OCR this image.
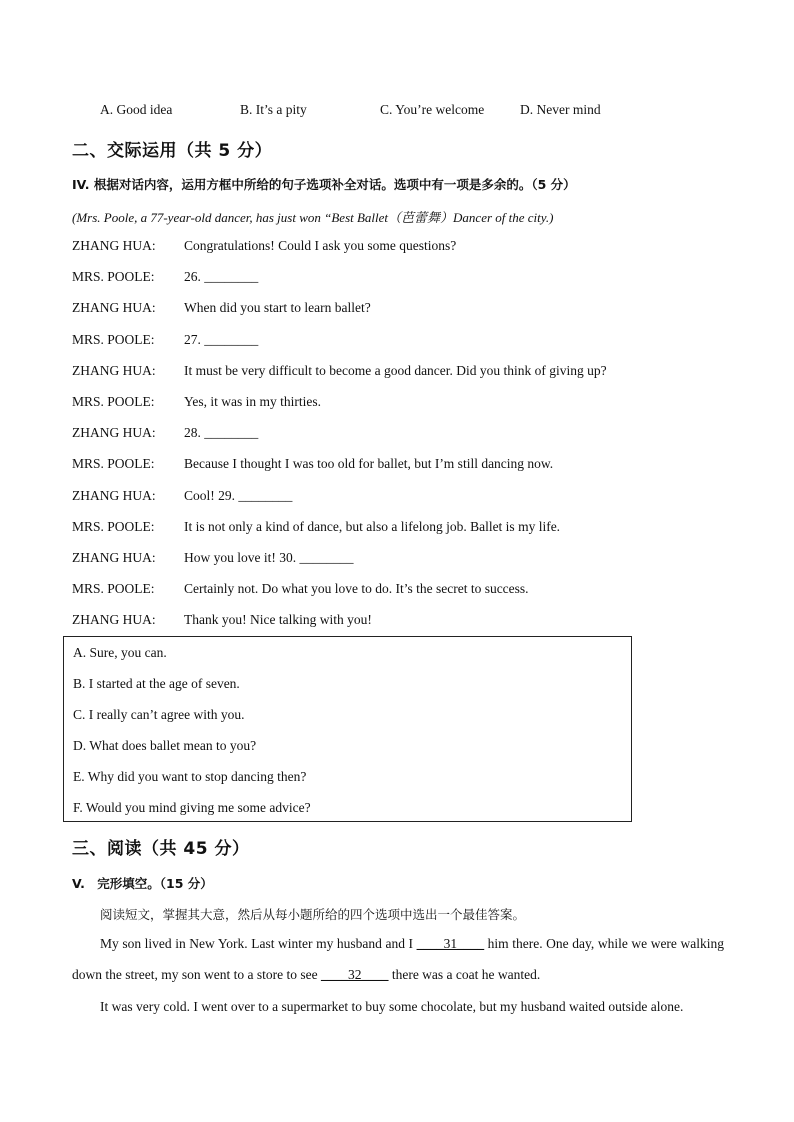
A. Good idea	B. It’s a pity	C. You’re welcome	D. Never mind
二、交际运用（共 5 分）
IV. 根据对话内容，运用方框中所给的句子选项补全对话。选项中有一项是多余的。（5 分）
(Mrs. Poole, a 77-year-old dancer, has just won “Best Ballet（芭蕾舞）Dancer of the city.)
ZHANG HUA:	Congratulations! Could I ask you some questions?
MRS. POOLE:	26. ________
ZHANG HUA:	When did you start to learn ballet?
MRS. POOLE:	27. ________
ZHANG HUA:	It must be very difficult to become a good dancer. Did you think of giving up?
MRS. POOLE:	Yes, it was in my thirties.
ZHANG HUA:	28. ________
MRS. POOLE:	Because I thought I was too old for ballet, but I’m still dancing now.
ZHANG HUA:	Cool! 29. ________
MRS. POOLE:	It is not only a kind of dance, but also a lifelong job. Ballet is my life.
ZHANG HUA:	How you love it! 30. ________
MRS. POOLE:	Certainly not. Do what you love to do. It’s the secret to success.
ZHANG HUA:	Thank you! Nice talking with you!
A. Sure, you can.
B. I started at the age of seven.
C. I really can’t agree with you.
D. What does ballet mean to you?
E. Why did you want to stop dancing then?
F. Would you mind giving me some advice?
三、阅读（共 45 分）
V.　完形填空。（15 分）
阅读短文，掌握其大意，然后从每小题所给的四个选项中选出一个最佳答案。
My son lived in New York. Last winter my husband and I ____31____ him there. One day, while we were walking down the street, my son went to a store to see ____32____ there was a coat he wanted.
It was very cold. I went over to a supermarket to buy some chocolate, but my husband waited outside alone.
